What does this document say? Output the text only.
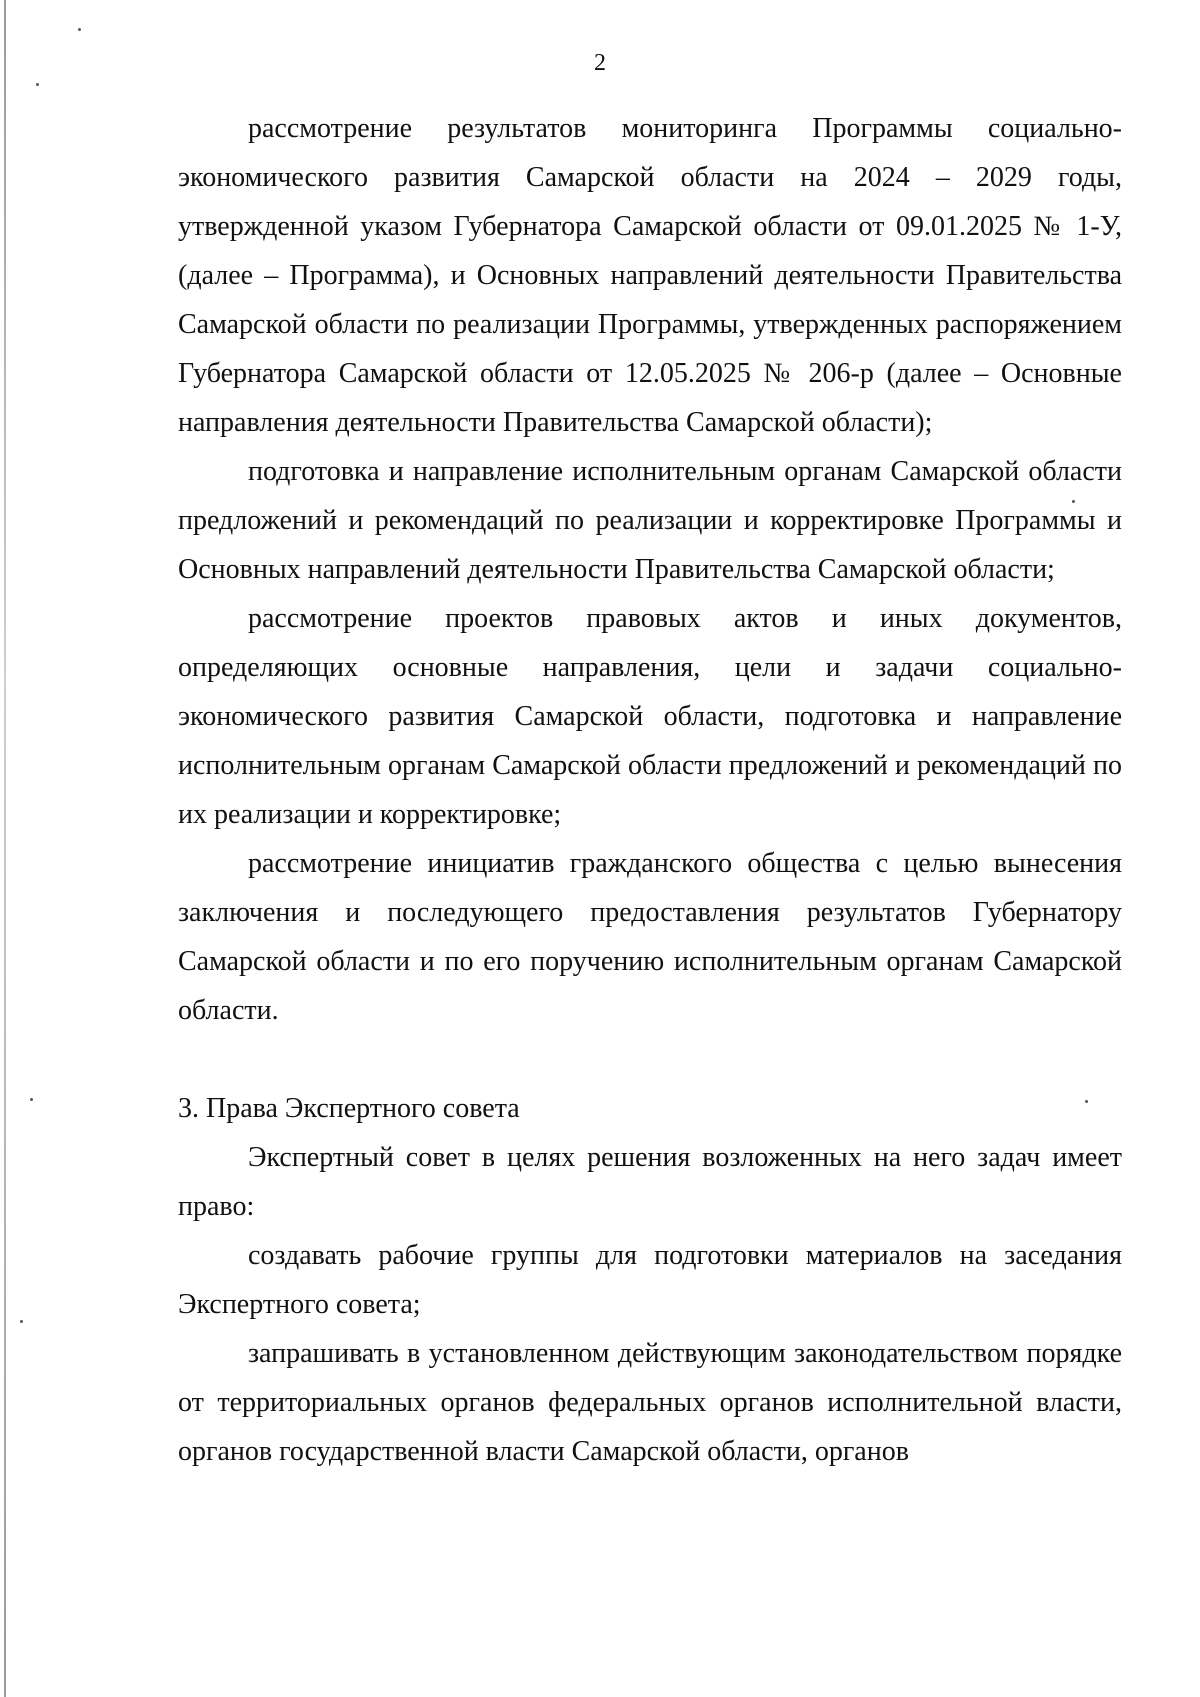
2

рассмотрение результатов мониторинга Программы социально-экономического развития Самарской области на 2024 – 2029 годы, утвержденной указом Губернатора Самарской области от 09.01.2025 № 1-У, (далее – Программа), и Основных направлений деятельности Правительства Самарской области по реализации Программы, утвержденных распоряжением Губернатора Самарской области от 12.05.2025 № 206-р (далее – Основные направления деятельности Правительства Самарской области);

подготовка и направление исполнительным органам Самарской области предложений и рекомендаций по реализации и корректировке Программы и Основных направлений деятельности Правительства Самарской области;

рассмотрение проектов правовых актов и иных документов, определяющих основные направления, цели и задачи социально-экономического развития Самарской области, подготовка и направление исполнительным органам Самарской области предложений и рекомендаций по их реализации и корректировке;

рассмотрение инициатив гражданского общества с целью вынесения заключения и последующего предоставления результатов Губернатору Самарской области и по его поручению исполнительным органам Самарской области.

3. Права Экспертного совета

Экспертный совет в целях решения возложенных на него задач имеет право:

создавать рабочие группы для подготовки материалов на заседания Экспертного совета;

запрашивать в установленном действующим законодательством порядке от территориальных органов федеральных органов исполнительной власти, органов государственной власти Самарской области, органов
